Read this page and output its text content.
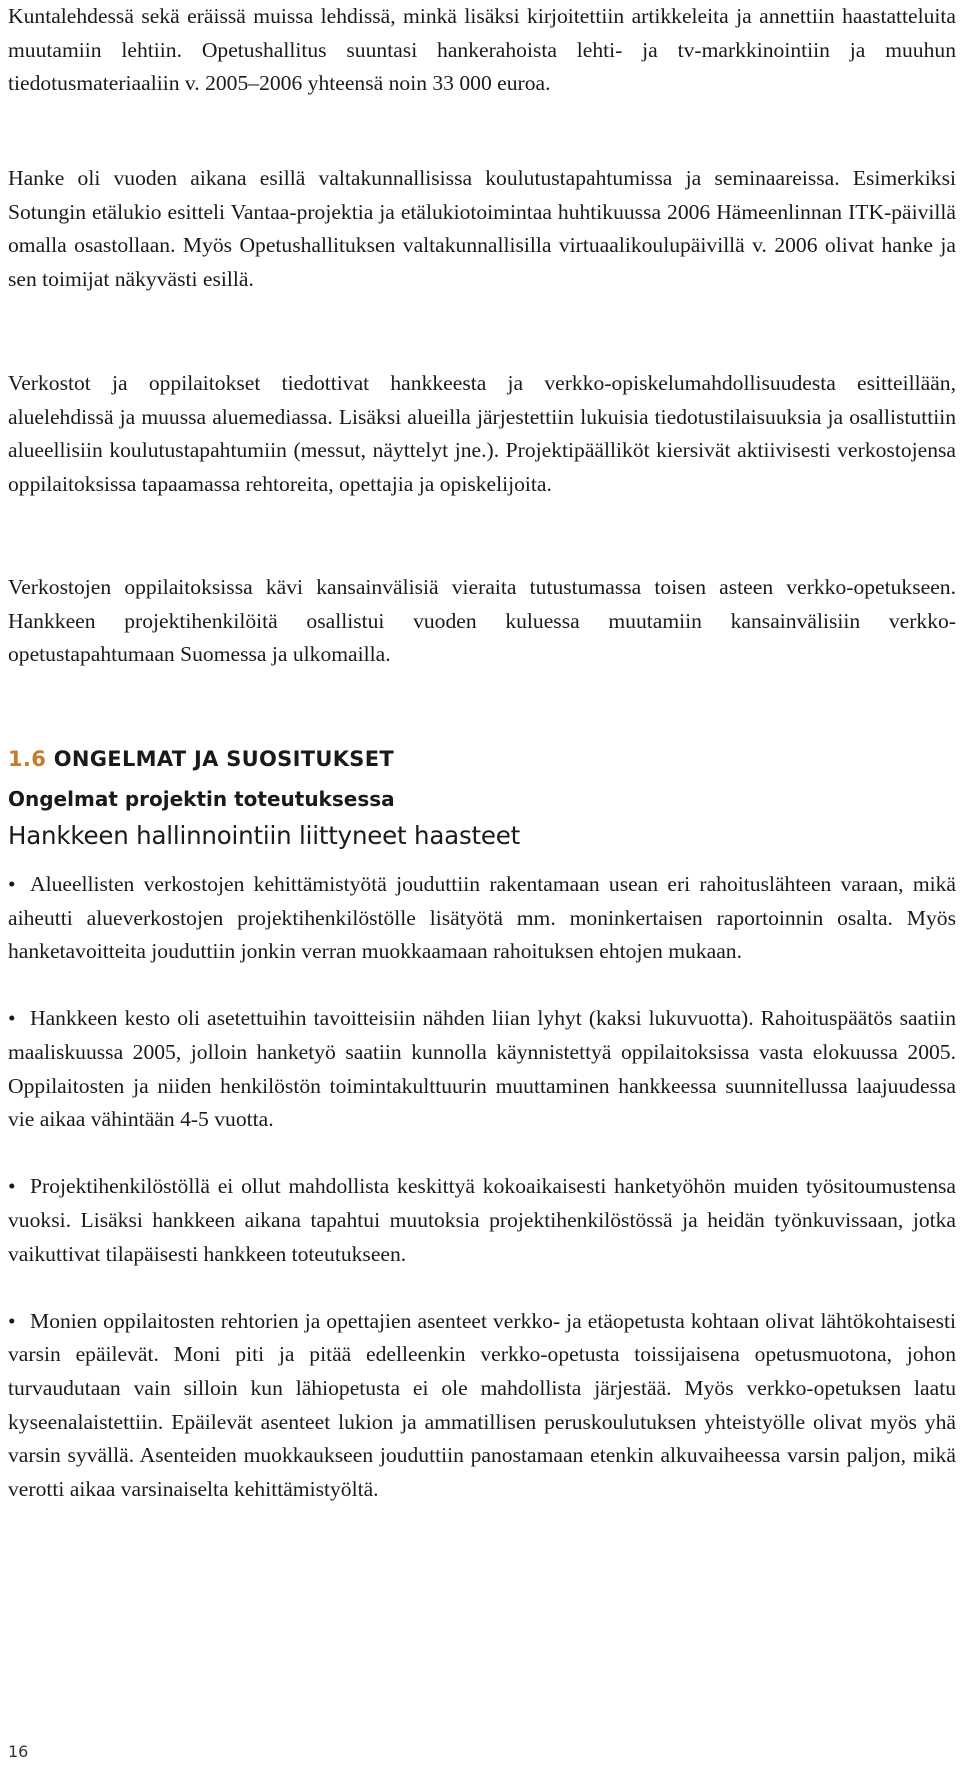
Kuntalehdessä sekä eräissä muissa lehdissä, minkä lisäksi kirjoitettiin artikkeleita ja annettiin haastatteluita muutamiin lehtiin. Opetushallitus suuntasi hankerahoista lehti- ja tv-markkinointiin ja muuhun tiedotusmateriaaliin v. 2005–2006 yhteensä noin 33 000 euroa.

Hanke oli vuoden aikana esillä valtakunnallisissa koulutustapahtumissa ja seminaareissa. Esimerkiksi Sotungin etälukio esitteli Vantaa-projektia ja etälukiotoimintaa huhtikuussa 2006 Hämeenlinnan ITK-päivillä omalla osastollaan. Myös Opetushallituksen valtakunnallisilla virtuaalikoulupäivillä v. 2006 olivat hanke ja sen toimijat näkyvästi esillä.

Verkostot ja oppilaitokset tiedottivat hankkeesta ja verkko-opiskelumahdollisuudesta esitteillään, aluelehdissä ja muussa aluemediassa. Lisäksi alueilla järjestettiin lukuisia tiedotustilaisuuksia ja osallistuttiin alueellisiin koulutustapahtumiin (messut, näyttelyt jne.). Projektipäälliköt kiersivät aktiivisesti verkostojensa oppilaitoksissa tapaamassa rehtoreita, opettajia ja opiskelijoita.

Verkostojen oppilaitoksissa kävi kansainvälisiä vieraita tutustumassa toisen asteen verkko-opetukseen. Hankkeen projektihenkilöitä osallistui vuoden kuluessa muutamiin kansainvälisiin verkko-opetustapahtumaan Suomessa ja ulkomailla.

1.6 ONGELMAT JA SUOSITUKSET
Ongelmat projektin toteutuksessa
Hankkeen hallinnointiin liittyneet haasteet
• Alueellisten verkostojen kehittämistyötä jouduttiin rakentamaan usean eri rahoituslähteen varaan, mikä aiheutti alueverkostojen projektihenkilöstölle lisätyötä mm. moninkertaisen raportoinnin osalta. Myös hanketavoitteita jouduttiin jonkin verran muokkaamaan rahoituksen ehtojen mukaan.
• Hankkeen kesto oli asetettuihin tavoitteisiin nähden liian lyhyt (kaksi lukuvuotta). Rahoituspäätös saatiin maaliskuussa 2005, jolloin hanketyö saatiin kunnolla käynnistettyä oppilaitoksissa vasta elokuussa 2005. Oppilaitosten ja niiden henkilöstön toimintakulttuurin muuttaminen hankkeessa suunnitellussa laajuudessa vie aikaa vähintään 4-5 vuotta.
• Projektihenkilöstöllä ei ollut mahdollista keskittyä kokoaikaisesti hanketyöhön muiden työsitoumustensa vuoksi. Lisäksi hankkeen aikana tapahtui muutoksia projektihenkilöstössä ja heidän työnkuvissaan, jotka vaikuttivat tilapäisesti hankkeen toteutukseen.
• Monien oppilaitosten rehtorien ja opettajien asenteet verkko- ja etäopetusta kohtaan olivat lähtökohtaisesti varsin epäilevät. Moni piti ja pitää edelleenkin verkko-opetusta toissijaisena opetusmuotona, johon turvaudutaan vain silloin kun lähiopetusta ei ole mahdollista järjestää. Myös verkko-opetuksen laatu kyseenalaistettiin. Epäilevät asenteet lukion ja ammatillisen peruskoulutuksen yhteistyölle olivat myös yhä varsin syvällä. Asenteiden muokkaukseen jouduttiin panostamaan etenkin alkuvaiheessa varsin paljon, mikä verotti aikaa varsinaiselta kehittämistyöltä.

16
